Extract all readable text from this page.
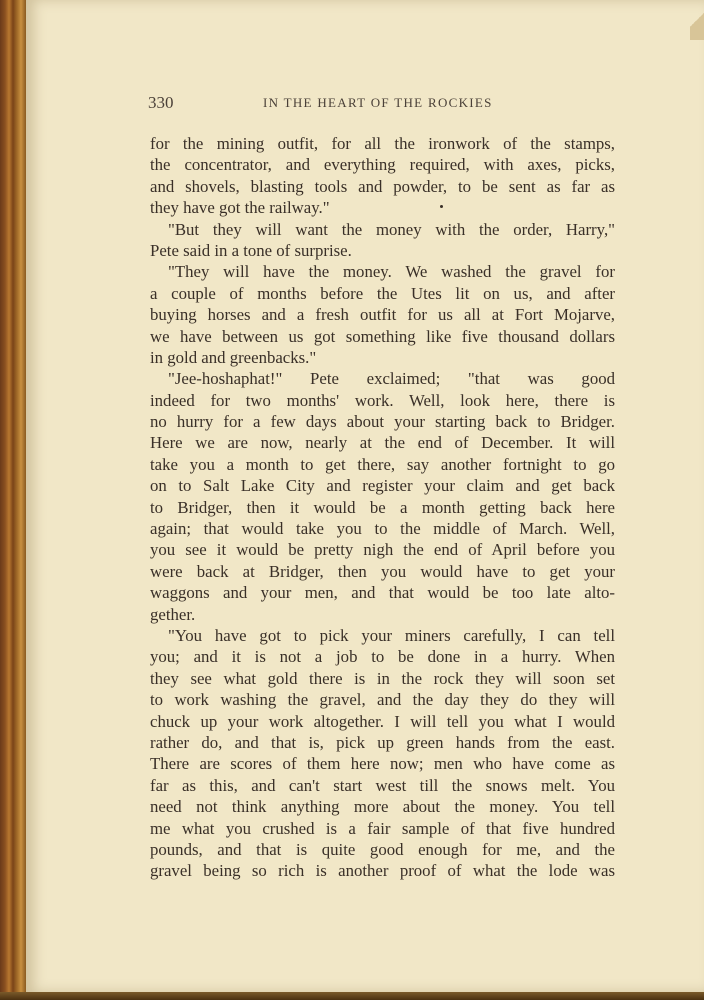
330	IN THE HEART OF THE ROCKIES
for the mining outfit, for all the ironwork of the stamps,
the concentrator, and everything required, with axes, picks,
and shovels, blasting tools and powder, to be sent as far as
they have got the railway."
"But they will want the money with the order, Harry,"
Pete said in a tone of surprise.
"They will have the money. We washed the gravel for
a couple of months before the Utes lit on us, and after
buying horses and a fresh outfit for us all at Fort Mojarve,
we have between us got something like five thousand dollars
in gold and greenbacks."
"Jee-hoshaphat!" Pete exclaimed; "that was good
indeed for two months' work. Well, look here, there is
no hurry for a few days about your starting back to Bridger.
Here we are now, nearly at the end of December. It will
take you a month to get there, say another fortnight to go
on to Salt Lake City and register your claim and get back
to Bridger, then it would be a month getting back here
again; that would take you to the middle of March. Well,
you see it would be pretty nigh the end of April before you
were back at Bridger, then you would have to get your
waggons and your men, and that would be too late alto-
gether.
"You have got to pick your miners carefully, I can tell
you; and it is not a job to be done in a hurry. When
they see what gold there is in the rock they will soon set
to work washing the gravel, and the day they do they will
chuck up your work altogether. I will tell you what I would
rather do, and that is, pick up green hands from the east.
There are scores of them here now; men who have come as
far as this, and can't start west till the snows melt. You
need not think anything more about the money. You tell
me what you crushed is a fair sample of that five hundred
pounds, and that is quite good enough for me, and the
gravel being so rich is another proof of what the lode was
